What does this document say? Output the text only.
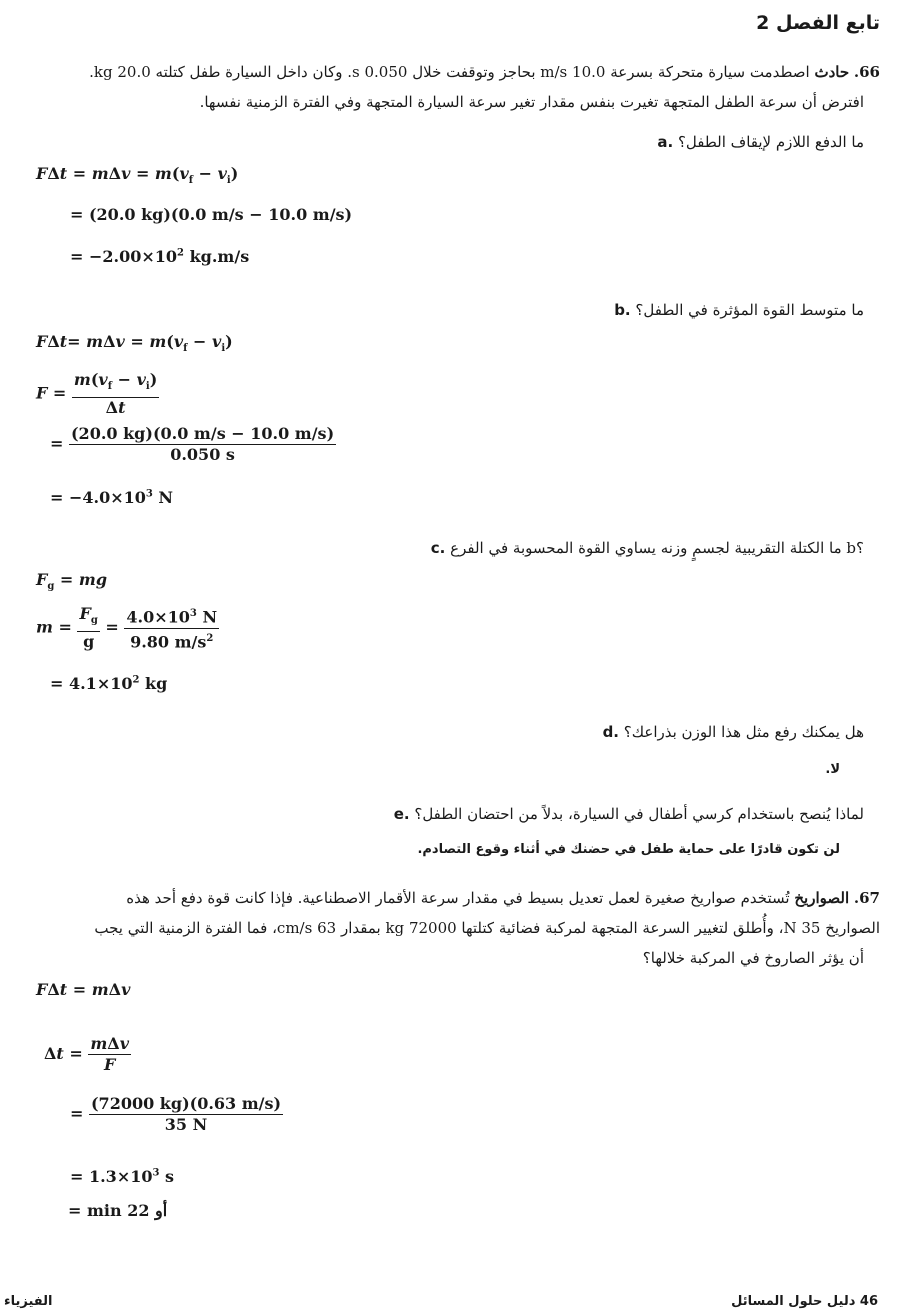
تابع الفصل 2
66. حادث اصطدمت سيارة متحركة بسرعة 10.0 m/s بحاجز وتوقفت خلال 0.050 s. وكان داخل السيارة طفل كتلته 20.0 kg.
افترض أن سرعة الطفل المتجهة تغيرت بنفس مقدار تغير سرعة السيارة المتجهة وفي الفترة الزمنية نفسها.
a. ما الدفع اللازم لإيقاف الطفل؟
$F\Delta t = m\Delta v = m(v_f - v_i)$
= (20.0 kg)(0.0 m/s − 10.0 m/s)
= $-2.00\times 10^2$ kg.m/s
b. ما متوسط القوة المؤثرة في الطفل؟
$F\Delta t= m\Delta v = m(v_f - v_i)$
$F = \frac{m(v_f - v_i)}{\Delta t}$
= $\frac{(20.0 kg)(0.0 m/s - 10.0 m/s)}{0.050 s}$
= $-4.0\times 10^3$ N
c. ما الكتلة التقريبية لجسمٍ وزنه يساوي القوة المحسوبة في الفرع b؟
$F_g$ = mg
$m = \frac{F_g}{g} = \frac{4.0\times 10^3 N}{9.80 m/s^2}$
= $4.1\times 10^2$ kg
d. هل يمكنك رفع مثل هذا الوزن بذراعك؟
لا.
e. لماذا يُنصح باستخدام كرسي أطفال في السيارة، بدلاً من احتضان الطفل؟
لن تكون قادرًا على حماية طفل في حضنك في أثناء وقوع التصادم.
67. الصواريخ تُستخدم صواريخ صغيرة لعمل تعديل بسيط في مقدار سرعة الأقمار الاصطناعية. فإذا كانت قوة دفع أحد هذه
الصواريخ 35 N، وأُطلق لتغيير السرعة المتجهة لمركبة فضائية كتلتها 72000 kg بمقدار 63 cm/s، فما الفترة الزمنية التي يجب
أن يؤثر الصاروخ في المركبة خلالها؟
FΔt = mΔv
$\Delta t = \frac{\text{mΔv}}{F}$
= $\frac{(72000 kg)(0.63 m/s)}{35 N}$
= $1.3\times 10^3$ s
أو 22 min =
الفيزياء	46 دليل حلول المسائل
